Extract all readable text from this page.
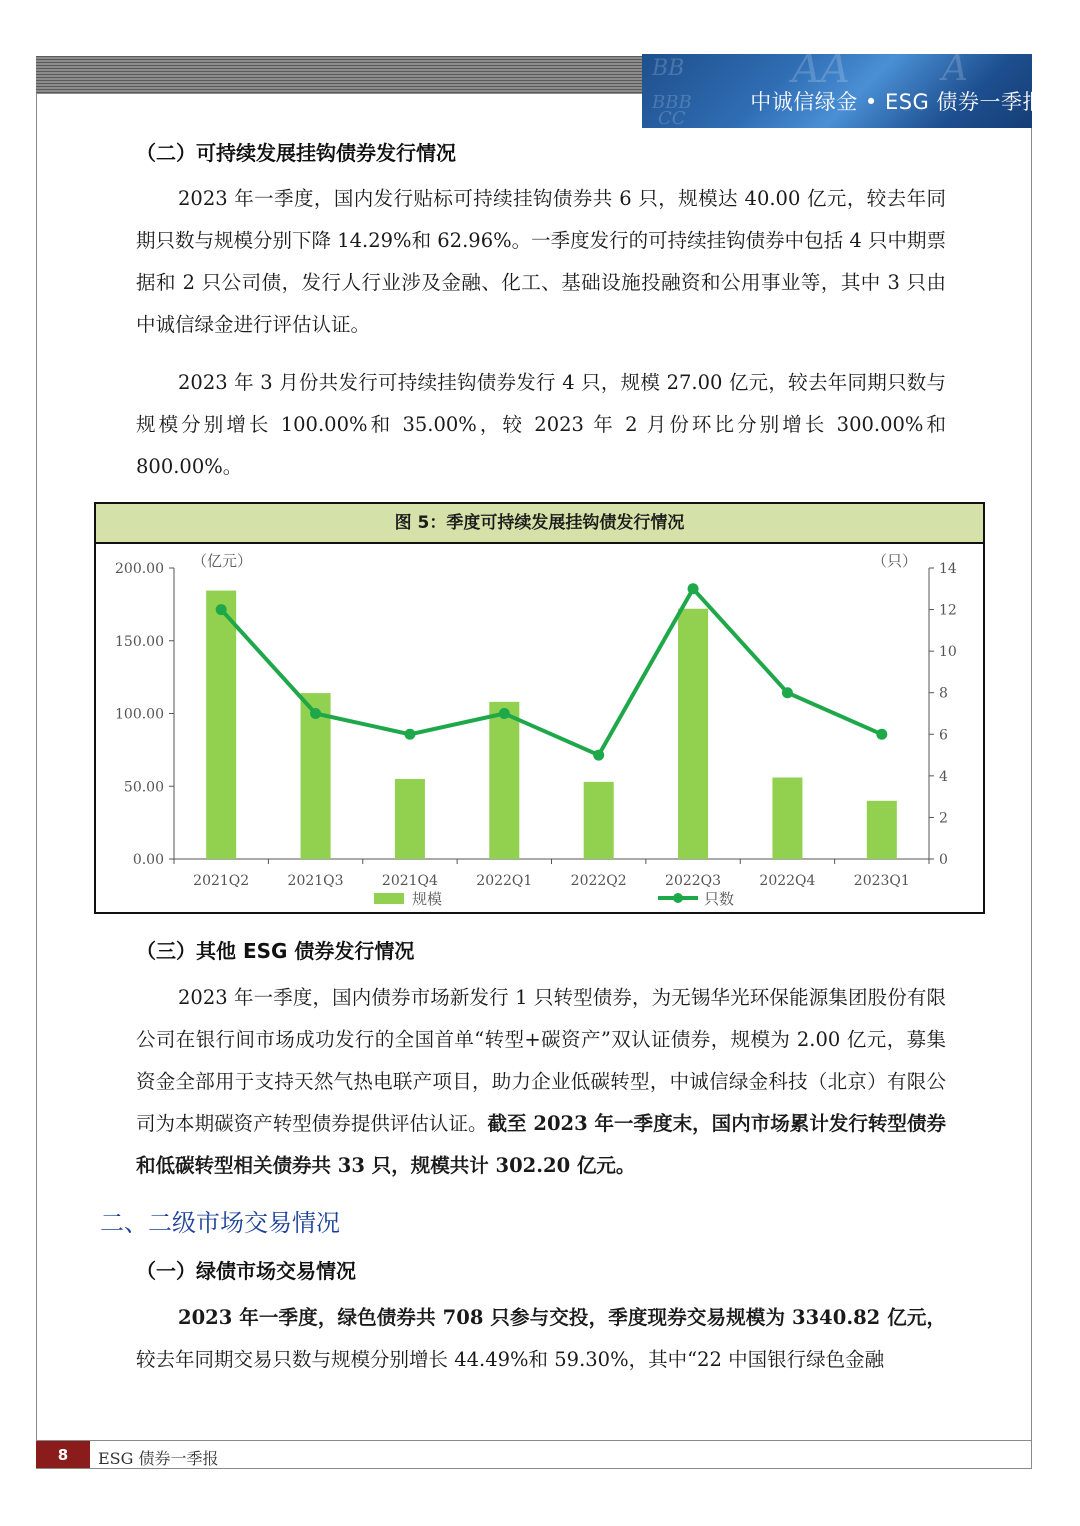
BB	AA
BBB
CC
A
中诚信绿金 • ESG 债券一季报
（二）可持续发展挂钩债券发行情况

2023 年一季度，国内发行贴标可持续挂钩债券共 6 只，规模达 40.00 亿元，较去年同期只数与规模分别下降 14.29%和 62.96%。一季度发行的可持续挂钩债券中包括 4 只中期票据和 2 只公司债，发行人行业涉及金融、化工、基础设施投融资和公用事业等，其中 3 只由中诚信绿金进行评估认证。

2023 年 3 月份共发行可持续挂钩债券发行 4 只，规模 27.00 亿元，较去年同期只数与规模分别增长 100.00%和 35.00%，较 2023 年 2 月份环比分别增长 300.00%和 800.00%。

图 5：季度可持续发展挂钩债发行情况
0.00
50.00
100.00
150.00
200.00
0
2
4
6
8
10
12
14
（亿元）	（只）
2021Q2	2021Q3	2021Q4	2022Q1	2022Q2	2022Q3	2022Q4	2023Q1
规模	只数
（三）其他 ESG 债券发行情况

2023 年一季度，国内债券市场新发行 1 只转型债券，为无锡华光环保能源集团股份有限公司在银行间市场成功发行的全国首单“转型+碳资产”双认证债券，规模为 2.00 亿元，募集资金全部用于支持天然气热电联产项目，助力企业低碳转型，中诚信绿金科技（北京）有限公司为本期碳资产转型债券提供评估认证。截至 2023 年一季度末，国内市场累计发行转型债券和低碳转型相关债券共 33 只，规模共计 302.20 亿元。

二、二级市场交易情况
（一）绿债市场交易情况

2023 年一季度，绿色债券共 708 只参与交投，季度现券交易规模为 3340.82 亿元，较去年同期交易只数与规模分别增长 44.49%和 59.30%，其中“22 中国银行绿色金融

8	ESG 债券一季报
